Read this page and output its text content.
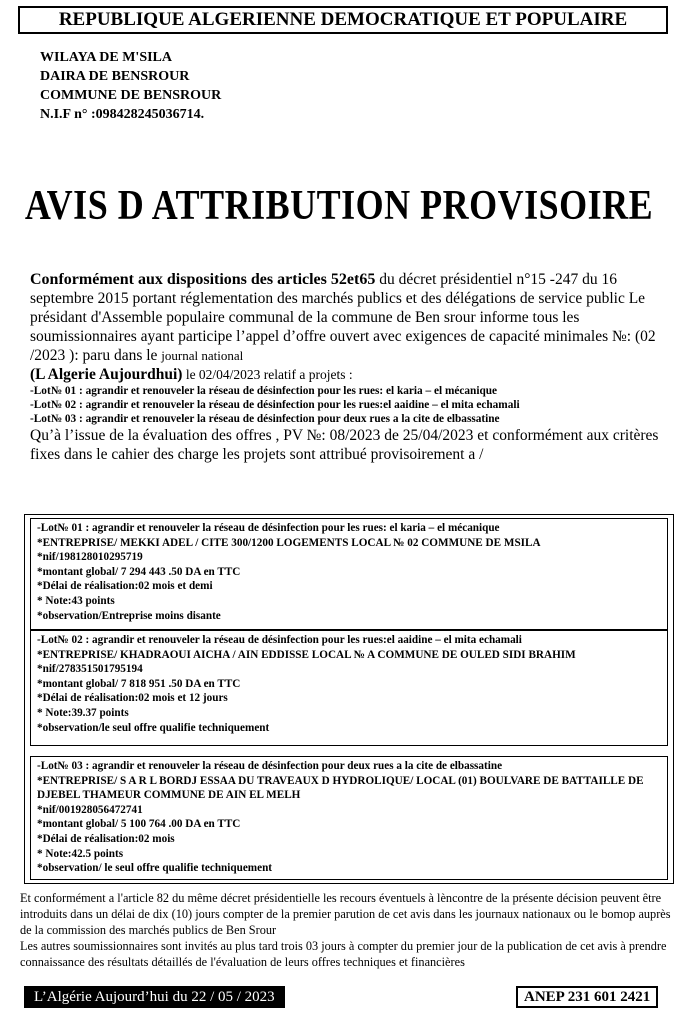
REPUBLIQUE ALGERIENNE DEMOCRATIQUE ET POPULAIRE
WILAYA DE M'SILA
DAIRA DE BENSROUR
COMMUNE DE BENSROUR
N.I.F n° :098428245036714.
AVIS D ATTRIBUTION PROVISOIRE

Conformément aux dispositions des articles 52et65 du décret présidentiel n°15 -247 du 16 septembre 2015 portant réglementation des marchés publics et des délégations de service public Le présidant d'Assemble populaire communal de la commune de Ben srour informe tous les soumissionnaires ayant participe l’appel d’offre ouvert avec exigences de capacité minimales №: (02 /2023 ): paru dans le journal national
(L Algerie Aujourdhui) le 02/04/2023 relatif a projets :

-Lot№ 01 : agrandir et renouveler la réseau de désinfection pour les rues: el karia – el mécanique
-Lot№ 02 : agrandir et renouveler la réseau de désinfection pour les rues:el aaidine – el mita echamali
-Lot№ 03 : agrandir et renouveler la réseau de désinfection pour deux rues a la cite de elbassatine

Qu’à l’issue de la évaluation des offres , PV №: 08/2023 de 25/04/2023 et conformément aux critères fixes dans le cahier des charge les projets sont attribué provisoirement a /

-Lot№ 01 : agrandir et renouveler la réseau de désinfection pour les rues: el karia – el mécanique
*ENTREPRISE/ MEKKI ADEL / CITE 300/1200 LOGEMENTS LOCAL № 02 COMMUNE DE MSILA
*nif/198128010295719
*montant global/ 7 294 443 .50 DA en TTC
*Délai de réalisation:02 mois et demi
* Note:43 points
*observation/Entreprise moins disante
-Lot№ 02 : agrandir et renouveler la réseau de désinfection pour les rues:el aaidine – el mita echamali
*ENTREPRISE/ KHADRAOUI AICHA / AIN EDDISSE LOCAL № A COMMUNE DE OULED SIDI BRAHIM
*nif/278351501795194
*montant global/ 7 818 951 .50 DA en TTC
*Délai de réalisation:02 mois et 12 jours
* Note:39.37 points
*observation/le seul offre qualifie techniquement
-Lot№ 03 : agrandir et renouveler la réseau de désinfection pour deux rues a la cite de elbassatine
*ENTREPRISE/ S A R L BORDJ ESSAA DU TRAVEAUX D HYDROLIQUE/ LOCAL (01) BOULVARE DE BATTAILLE DE DJEBEL THAMEUR COMMUNE DE AIN EL MELH
*nif/001928056472741
*montant global/ 5 100 764 .00 DA en TTC
*Délai de réalisation:02 mois
* Note:42.5 points
*observation/ le seul offre qualifie techniquement

Et conformément a l'article 82 du même décret présidentielle les recours éventuels à lèncontre de la présente décision peuvent être introduits dans un délai de dix (10) jours compter de la premier parution de cet avis dans les journaux nationaux ou le bomop auprès de la commission des marchés publics de Ben Srour

Les autres soumissionnaires sont invités au plus tard trois 03 jours à compter du premier jour de la publication de cet avis à prendre connaissance des résultats détaillés de l'évaluation de leurs offres techniques et financières

L’Algérie Aujourd’hui du 22 / 05 / 2023	ANEP 231 601 2421
